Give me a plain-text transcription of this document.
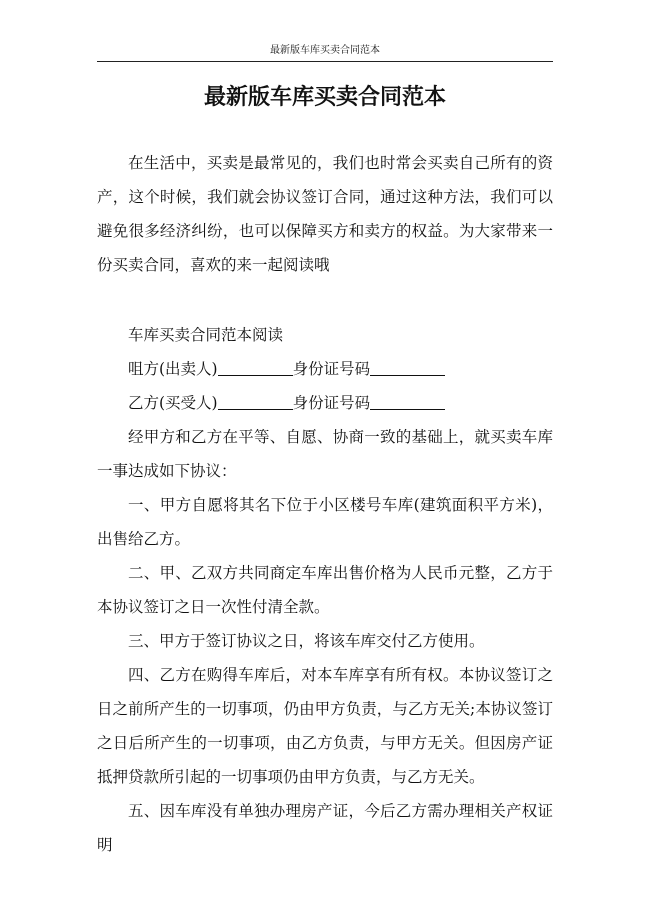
最新版车库买卖合同范本
最新版车库买卖合同范本

在生活中，买卖是最常见的，我们也时常会买卖自己所有的资产，这个时候，我们就会协议签订合同，通过这种方法，我们可以避免很多经济纠纷，也可以保障买方和卖方的权益。为大家带来一份买卖合同，喜欢的来一起阅读哦

车库买卖合同范本阅读

咀方(出卖人)	身份证号码

乙方(买受人)	身份证号码

经甲方和乙方在平等、自愿、协商一致的基础上，就买卖车库一事达成如下协议：

一、甲方自愿将其名下位于小区楼号车库(建筑面积平方米)，出售给乙方。

二、甲、乙双方共同商定车库出售价格为人民币元整，乙方于本协议签订之日一次性付清全款。

三、甲方于签订协议之日，将该车库交付乙方使用。

四、乙方在购得车库后，对本车库享有所有权。本协议签订之日之前所产生的一切事项，仍由甲方负责，与乙方无关;本协议签订之日后所产生的一切事项，由乙方负责，与甲方无关。但因房产证抵押贷款所引起的一切事项仍由甲方负责，与乙方无关。

五、因车库没有单独办理房产证，今后乙方需办理相关产权证明
